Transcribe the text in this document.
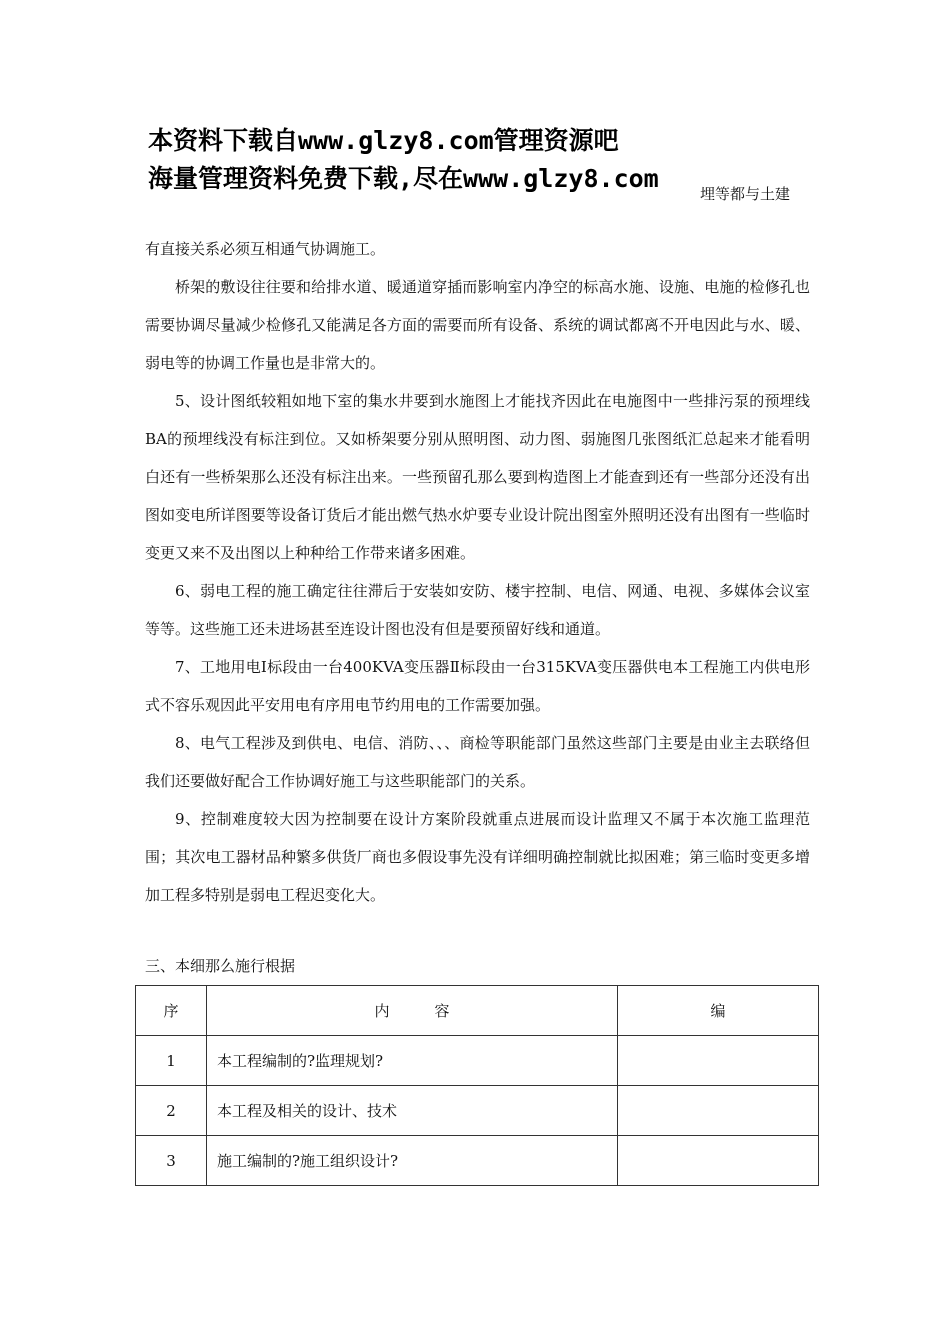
本资料下载自www.glzy8.com管理资源吧
海量管理资料免费下载,尽在www.glzy8.com
埋等都与土建

有直接关系必须互相通气协调施工。

桥架的敷设往往要和给排水道、暖通道穿插而影响室内净空的标高水施、设施、电施的检修孔也需要协调尽量减少检修孔又能满足各方面的需要而所有设备、系统的调试都离不开电因此与水、暖、弱电等的协调工作量也是非常大的。

5、设计图纸较粗如地下室的集水井要到水施图上才能找齐因此在电施图中一些排污泵的预埋线BA的预埋线没有标注到位。又如桥架要分别从照明图、动力图、弱施图几张图纸汇总起来才能看明白还有一些桥架那么还没有标注出来。一些预留孔那么要到构造图上才能查到还有一些部分还没有出图如变电所详图要等设备订货后才能出燃气热水炉要专业设计院出图室外照明还没有出图有一些临时变更又来不及出图以上种种给工作带来诸多困难。

6、弱电工程的施工确定往往滞后于安装如安防、楼宇控制、电信、网通、电视、多媒体会议室等等。这些施工还未进场甚至连设计图也没有但是要预留好线和通道。

7、工地用电Ⅰ标段由一台400KVA变压器Ⅱ标段由一台315KVA变压器供电本工程施工内供电形式不容乐观因此平安用电有序用电节约用电的工作需要加强。

8、电气工程涉及到供电、电信、消防、、、商检等职能部门虽然这些部门主要是由业主去联络但我们还要做好配合工作协调好施工与这些职能部门的关系。

9、控制难度较大因为控制要在设计方案阶段就重点进展而设计监理又不属于本次施工监理范围；其次电工器材品种繁多供货厂商也多假设事先没有详细明确控制就比拟困难；第三临时变更多增加工程多特别是弱电工程迟变化大。

三、本细那么施行根据
序	内　　　容	编
1	本工程编制的?监理规划?	
2	本工程及相关的设计、技术	
3	施工编制的?施工组织设计?	
